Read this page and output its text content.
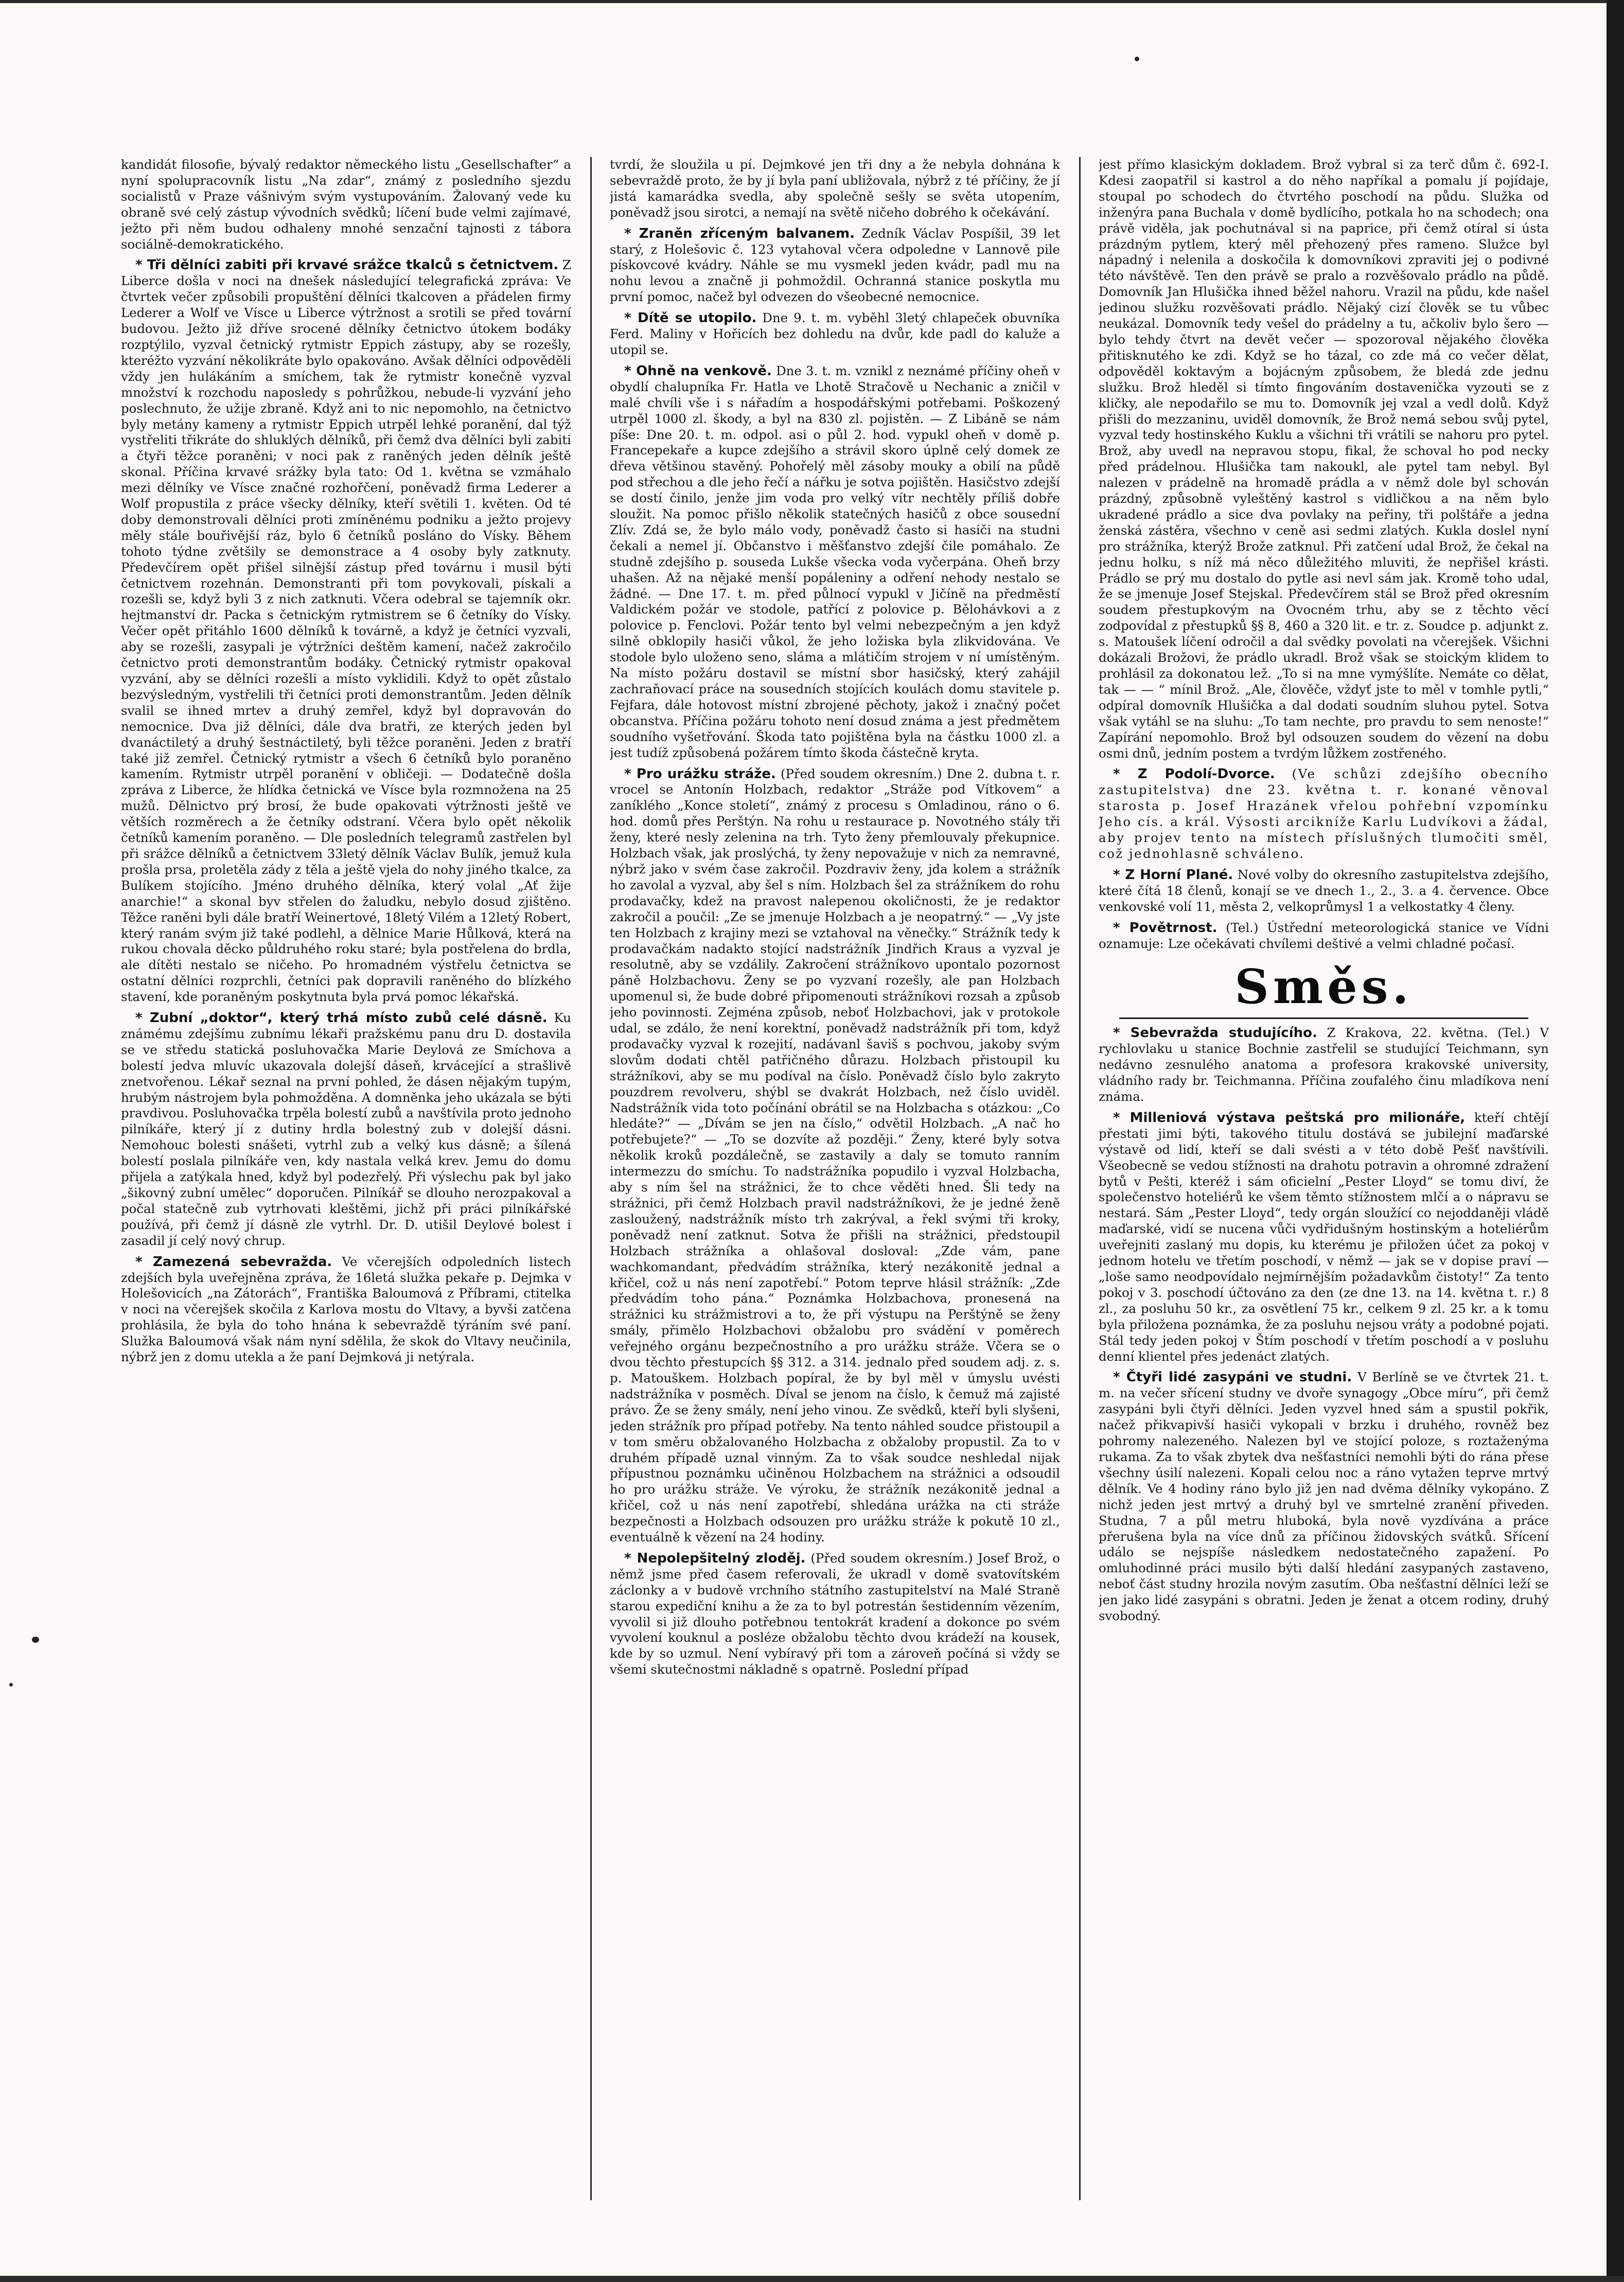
kandidát filosofie, bývalý redaktor německého listu „Gesellschafter“ a nyní spolupracovník listu „Na zdar“, známý z posledního sjezdu socialistů v Praze vášnivým svým vystupováním. Žalovaný vede ku obraně své celý zástup vývodních svědků; líčení bude velmi zajímavé, ježto při něm budou odhaleny mnohé senzační tajnosti z tábora sociálně-demokratického.

* Tři dělníci zabiti při krvavé srážce tkalců s četnictvem. Z Liberce došla v noci na dnešek následující telegrafická zpráva: Ve čtvrtek večer způsobili propuštění dělníci tkalcoven a přádelen firmy Lederer a Wolf ve Vísce u Liberce výtržnost a srotili se před tovární budovou. Ježto již dříve srocené dělníky četnictvo útokem bodáky rozptýlilo, vyzval četnický rytmistr Eppich zástupy, aby se rozešly, kteréžto vyzvání několikráte bylo opakováno. Avšak dělníci odpověděli vždy jen hulákáním a smíchem, tak že rytmistr konečně vyzval množství k rozchodu naposledy s pohrůžkou, nebude-li vyzvání jeho poslechnuto, že užije zbraně. Když ani to nic nepomohlo, na četnictvo byly metány kameny a rytmistr Eppich utrpěl lehké poranění, dal týž vystřeliti třikráte do shluklých dělníků, při čemž dva dělníci byli zabiti a čtyři těžce poraněni; v noci pak z raněných jeden dělník ještě skonal. Příčina krvavé srážky byla tato: Od 1. května se vzmáhalo mezi dělníky ve Vísce značné rozhořčení, poněvadž firma Lederer a Wolf propustila z práce všecky dělníky, kteří světili 1. květen. Od té doby demonstrovali dělníci proti zmíněnému podniku a ježto projevy měly stále bouřivější ráz, bylo 6 četníků posláno do Vísky. Během tohoto týdne zvětšily se demonstrace a 4 osoby byly zatknuty. Předevčírem opět přišel silnější zástup před továrnu i musil býti četnictvem rozehnán. Demonstranti při tom povykovali, pískali a rozešli se, když byli 3 z nich zatknuti. Včera odebral se tajemník okr. hejtmanství dr. Packa s četnickým rytmistrem se 6 četníky do Vísky. Večer opět přitáhlo 1600 dělníků k továrně, a když je četníci vyzvali, aby se rozešli, zasypali je výtržníci deštěm kamení, načež zakročilo četnictvo proti demonstrantům bodáky. Četnický rytmistr opakoval vyzvání, aby se dělníci rozešli a místo vyklidili. Když to opět zůstalo bezvýsledným, vystřelili tři četníci proti demonstrantům. Jeden dělník svalil se ihned mrtev a druhý zemřel, když byl dopravován do nemocnice. Dva již dělníci, dále dva bratři, ze kterých jeden byl dvanáctiletý a druhý šestnáctiletý, byli těžce poraněni. Jeden z bratří také již zemřel. Četnický rytmistr a všech 6 četníků bylo poraněno kamením. Rytmistr utrpěl poranění v obličeji. — Dodatečně došla zpráva z Liberce, že hlídka četnická ve Vísce byla rozmnožena na 25 mužů. Dělnictvo prý brosí, že bude opakovati výtržnosti ještě ve větších rozměrech a že četníky odstraní. Včera bylo opět několik četníků kamením poraněno. — Dle posledních telegramů zastřelen byl při srážce dělníků a četnictvem 33letý dělník Václav Bulík, jemuž kula prošla prsa, proletěla zády z těla a ještě vjela do nohy jiného tkalce, za Bulíkem stojícího. Jméno druhého dělníka, který volal „Ať žije anarchie!“ a skonal byv střelen do žaludku, nebylo dosud zjištěno. Těžce raněni byli dále bratří Weinertové, 18letý Vilém a 12letý Robert, který ranám svým již také podlehl, a dělnice Marie Hůlková, která na rukou chovala děcko půldruhého roku staré; byla postřelena do brdla, ale dítěti nestalo se ničeho. Po hromadném výstřelu četnictva se ostatní dělníci rozprchli, četníci pak dopravili raněného do blízkého stavení, kde poraněným poskytnuta byla prvá pomoc lékařská.

* Zubní „doktor“, který trhá místo zubů celé dásně. Ku známému zdejšímu zubnímu lékaři pražskému panu dru D. dostavila se ve středu statická posluhovačka Marie Deylová ze Smíchova a bolestí jedva mluvíc ukazovala dolejší dáseň, krvácející a strašlivě znetvořenou. Lékař seznal na první pohled, že dásen nějakým tupým, hrubým nástrojem byla pohmožděna. A domněnka jeho ukázala se býti pravdivou. Posluhovačka trpěla bolestí zubů a navštívila proto jednoho pilníkáře, který jí z dutiny hrdla bolestný zub v dolejší dásni. Nemohouc bolesti snášeti, vytrhl zub a velký kus dásně; a šílená bolestí poslala pilníkáře ven, kdy nastala velká krev. Jemu do domu přijela a zatýkala hned, když byl podezřelý. Při výslechu pak byl jako „šikovný zubní umělec“ doporučen. Pilníkář se dlouho nerozpakoval a počal statečně zub vytrhovati kleštěmi, jichž při práci pilníkářské používá, při čemž jí dásně zle vytrhl. Dr. D. utišil Deylové bolest i zasadil jí celý nový chrup.

* Zamezená sebevražda. Ve včerejších odpoledních listech zdejších byla uveřejněna zpráva, že 16letá služka pekaře p. Dejmka v Holešovicích „na Zátorách“, Františka Baloumová z Příbrami, ctitelka v noci na včerejšek skočila z Karlova mostu do Vltavy, a byvši zatčena prohlásila, že byla do toho hnána k sebevraždě týráním své paní. Služka Baloumová však nám nyní sdělila, že skok do Vltavy neučinila, nýbrž jen z domu utekla a že paní Dejmková ji netýrala.

tvrdí, že sloužila u pí. Dejmkové jen tři dny a že nebyla dohnána k sebevraždě proto, že by jí byla paní ubližovala, nýbrž z té příčiny, že jí jistá kamarádka svedla, aby společně sešly se světa utopením, poněvadž jsou sirotci, a nemají na světě ničeho dobrého k očekávání.

* Zraněn zříceným balvanem. Zedník Václav Pospíšil, 39 let starý, z Holešovic č. 123 vytahoval včera odpoledne v Lannově pile pískovcové kvádry. Náhle se mu vysmekl jeden kvádr, padl mu na nohu levou a značně ji pohmoždil. Ochranná stanice poskytla mu první pomoc, načež byl odvezen do všeobecné nemocnice.

* Dítě se utopilo. Dne 9. t. m. vyběhl 3letý chlapeček obuvníka Ferd. Maliny v Hořicích bez dohledu na dvůr, kde padl do kaluže a utopil se.

* Ohně na venkově. Dne 3. t. m. vznikl z neznámé příčiny oheň v obydlí chalupníka Fr. Hatla ve Lhotě Stračově u Nechanic a zničil v malé chvíli vše i s nářadím a hospodářskými potřebami. Poškozený utrpěl 1000 zl. škody, a byl na 830 zl. pojistěn. — Z Libáně se nám píše: Dne 20. t. m. odpol. asi o půl 2. hod. vypukl oheň v domě p. Francepekaře a kupce zdejšího a strávil skoro úplně celý domek ze dřeva většinou stavěný. Pohořelý měl zásoby mouky a obilí na půdě pod střechou a dle jeho řečí a nářku je sotva pojištěn. Hasičstvo zdejší se dostí činilo, jenže jim voda pro velký vítr nechtěly příliš dobře sloužit. Na pomoc přišlo několik statečných hasičů z obce sousední Zlív. Zdá se, že bylo málo vody, poněvadž často si hasiči na studni čekali a nemel jí. Občanstvo i měšťanstvo zdejší čile pomáhalo. Ze studně zdejšího p. souseda Lukše všecka voda vyčerpána. Oheň brzy uhašen. Až na nějaké menší popáleniny a odření nehody nestalo se žádné. — Dne 17. t. m. před půlnocí vypukl v Jičíně na předměstí Valdickém požár ve stodole, patřící z polovice p. Bělohávkovi a z polovice p. Fenclovi. Požár tento byl velmi nebezpečným a jen když silně obklopily hasiči vůkol, že jeho ložiska byla zlikvidována. Ve stodole bylo uloženo seno, sláma a mlátičím strojem v ní umístěným. Na místo požáru dostavil se místní sbor hasičský, který zahájil zachraňovací práce na sousedních stojících koulách domu stavitele p. Fejfara, dále hotovost místní zbrojené pěchoty, jakož i značný počet obcanstva. Příčina požáru tohoto není dosud známa a jest předmětem soudního vyšetřování. Škoda tato pojištěna byla na částku 1000 zl. a jest tudíž způsobená požárem tímto škoda částečně kryta.

* Pro urážku stráže. (Před soudem okresním.) Dne 2. dubna t. r. vrocel se Antonín Holzbach, redaktor „Stráže pod Vítkovem“ a zaníklého „Konce století“, známý z procesu s Omladinou, ráno o 6. hod. domů přes Perštýn. Na rohu u restaurace p. Novotného stály tři ženy, které nesly zelenina na trh. Tyto ženy přemlouvaly překupnice. Holzbach však, jak proslýchá, ty ženy nepovažuje v nich za nemravné, nýbrž jako v svém čase zakročil. Pozdraviv ženy, jda kolem a strážník ho zavolal a vyzval, aby šel s ním. Holzbach šel za strážníkem do rohu prodavačky, kdež na pravost nalepenou okoličnosti, že je redaktor zakročil a poučil: „Ze se jmenuje Holzbach a je neopatrný.“ — „Vy jste ten Holzbach z krajiny mezi se vztahoval na věnečky.“ Strážník tedy k prodavačkám nadakto stojící nadstrážník Jindřich Kraus a vyzval je resolutně, aby se vzdálily. Zakročení strážníkovo upontalo pozornost páně Holzbachovu. Ženy se po vyzvaní rozešly, ale pan Holzbach upomenul si, že bude dobré připomenouti strážníkovi rozsah a způsob jeho povinnosti. Zejména způsob, neboť Holzbachovi, jak v protokole udal, se zdálo, že není korektní, poněvadž nadstrážník při tom, když prodavačky vyzval k rozejití, nadávanl šaviš s pochvou, jakoby svým slovům dodati chtěl patřičného důrazu. Holzbach přistoupil ku strážníkovi, aby se mu podíval na číslo. Poněvadž číslo bylo zakryto pouzdrem revolveru, shýbl se dvakrát Holzbach, než číslo uviděl. Nadstrážník vida toto počínání obrátil se na Holzbacha s otázkou: „Co hledáte?“ — „Dívám se jen na číslo,“ odvětil Holzbach. „A nač ho potřebujete?“ — „To se dozvíte až později.“ Ženy, které byly sotva několik kroků pozdálečně, se zastavily a daly se tomuto ranním intermezzu do smíchu. To nadstrážníka popudilo i vyzval Holzbacha, aby s ním šel na strážnici, že to chce věděti hned. Šli tedy na strážnici, při čemž Holzbach pravil nadstrážníkovi, že je jedné ženě zasloužený, nadstrážník místo trh zakrýval, a řekl svými tři kroky, poněvadž není zatknut. Sotva že přišli na strážnici, předstoupil Holzbach strážníka a ohlašoval dosloval: „Zde vám, pane wachkomandant, předvádím strážníka, který nezákonitě jednal a křičel, což u nás není zapotřebí.“ Potom teprve hlásil strážník: „Zde předvádím toho pána.“ Poznámka Holzbachova, pronesená na strážnici ku strážmistrovi a to, že při výstupu na Perštýně se ženy smály, přimělo Holzbachovi obžalobu pro svádění v poměrech veřejného orgánu bezpečnostního a pro urážku stráže. Včera se o dvou těchto přestupcích §§ 312. a 314. jednalo před soudem adj. z. s. p. Matouškem. Holzbach popíral, že by byl měl v úmyslu uvésti nadstrážníka v posměch. Díval se jenom na číslo, k čemuž má zajisté právo. Že se ženy smály, není jeho vinou. Ze svědků, kteří byli slyšeni, jeden strážník pro případ potřeby. Na tento náhled soudce přistoupil a v tom směru obžalovaného Holzbacha z obžaloby propustil. Za to v druhém případě uznal vinným. Za to však soudce neshledal nijak přípustnou poznámku učiněnou Holzbachem na strážnici a odsoudil ho pro urážku stráže. Ve výroku, že strážník nezákonitě jednal a křičel, což u nás není zapotřebí, shledána urážka na cti stráže bezpečnosti a Holzbach odsouzen pro urážku stráže k pokutě 10 zl., eventuálně k vězení na 24 hodiny.

* Nepolepšitelný zloděj. (Před soudem okresním.) Josef Brož, o němž jsme před časem referovali, že ukradl v domě svatovítském záclonky a v budově vrchního státního zastupitelství na Malé Straně starou expediční knihu a že za to byl potrestán šestidenním vězením, vyvolil si již dlouho potřebnou tentokrát kradení a dokonce po svém vyvolení kouknul a posléze obžalobu těchto dvou krádeží na kousek, kde by so uzmul. Není vybíravý při tom a zároveň počíná si vždy se všemi skutečnostmi nákladně s opatrně. Poslední případ

jest přímo klasickým dokladem. Brož vybral si za terč dům č. 692-I. Kdesi zaopatřil si kastrol a do něho napříkal a pomalu jí pojídaje, stoupal po schodech do čtvrtého poschodí na půdu. Služka od inženýra pana Buchala v domě bydlícího, potkala ho na schodech; ona právě viděla, jak pochutnával si na paprice, při čemž otíral si ústa prázdným pytlem, který měl přehozený přes rameno. Služce byl nápadný i nelenila a doskočila k domovníkovi zpraviti jej o podivné této návštěvě. Ten den právě se pralo a rozvěšovalo prádlo na půdě. Domovník Jan Hlušička ihned běžel nahoru. Vrazil na půdu, kde našel jedinou služku rozvěšovati prádlo. Nějaký cizí člověk se tu vůbec neukázal. Domovník tedy vešel do prádelny a tu, ačkoliv bylo šero — bylo tehdy čtvrt na devět večer — spozoroval nějakého člověka přitisknutého ke zdi. Když se ho tázal, co zde má co večer dělat, odpověděl koktavým a bojácným způsobem, že bledá zde jednu služku. Brož hleděl si tímto fingováním dostavenička vyzouti se z kličky, ale nepodařilo se mu to. Domovník jej vzal a vedl dolů. Když přišli do mezzaninu, uviděl domovník, že Brož nemá sebou svůj pytel, vyzval tedy hostinského Kuklu a všichni tři vrátili se nahoru pro pytel. Brož, aby uvedl na nepravou stopu, fikal, že schoval ho pod necky před prádelnou. Hlušička tam nakoukl, ale pytel tam nebyl. Byl nalezen v prádelně na hromadě prádla a v němž dole byl schován prázdný, způsobně vyleštěný kastrol s vidličkou a na něm bylo ukradené prádlo a sice dva povlaky na peřiny, tři polštáře a jedna ženská zástěra, všechno v ceně asi sedmi zlatých. Kukla doslel nyní pro strážníka, kterýž Brože zatknul. Při zatčení udal Brož, že čekal na jednu holku, s níž má něco důležitého mluviti, že nepřišel krásti. Prádlo se prý mu dostalo do pytle asi nevl sám jak. Kromě toho udal, že se jmenuje Josef Stejskal. Předevčírem stál se Brož před okresním soudem přestupkovým na Ovocném trhu, aby se z těchto věcí zodpovídal z přestupků §§ 8, 460 a 320 lit. e tr. z. Soudce p. adjunkt z. s. Matoušek líčení odročil a dal svědky povolati na včerejšek. Všichni dokázali Brožovi, že prádlo ukradl. Brož však se stoickým klidem to prohlásil za dokonatou lež. „To si na mne vymýšlíte. Nemáte co dělat, tak — — “ mínil Brož. „Ale, člověče, vždyť jste to měl v tomhle pytli,“ odpíral domovník Hlušička a dal dodati soudním sluhou pytel. Sotva však vytáhl se na sluhu: „To tam nechte, pro pravdu to sem nenoste!“ Zapírání nepomohlo. Brož byl odsouzen soudem do vězení na dobu osmi dnů, jedním postem a tvrdým lůžkem zostřeného.

* Z Podolí-Dvorce. (Ve schůzi zdejšího obecního zastupitelstva) dne 23. května t. r. konané věnoval starosta p. Josef Hrazánek vřelou pohřební vzpomínku Jeho cís. a král. Výsosti arcikníže Karlu Ludvíkovi a žádal, aby projev tento na místech příslušných tlumočiti směl, což jednohlasně schváleno.

* Z Horní Plané. Nové volby do okresního zastupitelstva zdejšího, které čítá 18 členů, konají se ve dnech 1., 2., 3. a 4. července. Obce venkovské volí 11, města 2, velkoprůmysl 1 a velkostatky 4 členy.

* Povětrnost. (Tel.) Ústřední meteorologická stanice ve Vídni oznamuje: Lze očekávati chvílemi deštivé a velmi chladné počasí.

Směs.

* Sebevražda studujícího. Z Krakova, 22. května. (Tel.) V rychlovlaku u stanice Bochnie zastřelil se studující Teichmann, syn nedávno zesnulého anatoma a profesora krakovské university, vládního rady br. Teichmanna. Příčina zoufalého činu mladíkova není známa.

* Milleniová výstava peštská pro milionáře, kteří chtějí přestati jimi býti, takového titulu dostává se jubilejní maďarské výstavě od lidí, kteří se dali svésti a v této době Pešť navštívili. Všeobecně se vedou stížnosti na drahotu potravin a ohromné zdražení bytů v Pešti, kteréž i sám oficielní „Pester Lloyd“ se tomu diví, že společenstvo hoteliérů ke všem těmto stížnostem mlčí a o nápravu se nestará. Sám „Pester Lloyd“, tedy orgán sloužící co nejoddaněji vládě maďarské, vidí se nucena vůči vydřidušným hostinským a hoteliérům uveřejniti zaslaný mu dopis, ku kterému je přiložen účet za pokoj v jednom hotelu ve třetím poschodí, v němž — jak se v dopise praví — „loše samo neodpovídalo nejmírnějším požadavkům čistoty!“ Za tento pokoj v 3. poschodí účtováno za den (ze dne 13. na 14. května t. r.) 8 zl., za posluhu 50 kr., za osvětlení 75 kr., celkem 9 zl. 25 kr. a k tomu byla přiložena poznámka, že za posluhu nejsou vráty a podobné pojati. Stál tedy jeden pokoj v Štím poschodí v třetím poschodí a v posluhu denní klientel přes jedenáct zlatých.

* Čtyři lidé zasypáni ve studni. V Berlíně se ve čtvrtek 21. t. m. na večer sřícení studny ve dvoře synagogy „Obce míru“, při čemž zasypáni byli čtyři dělníci. Jeden vyzvel hned sám a spustil pokřik, načež přikvapivší hasiči vykopali v brzku i druhého, rovněž bez pohromy nalezeného. Nalezen byl ve stojící poloze, s roztaženýma rukama. Za to však zbytek dva nešťastníci nemohli býti do rána přese všechny úsilí nalezeni. Kopali celou noc a ráno vytažen teprve mrtvý dělník. Ve 4 hodiny ráno bylo již jen nad dvěma dělníky vykopáno. Z nichž jeden jest mrtvý a druhý byl ve smrtelné zranění přiveden. Studna, 7 a půl metru hluboká, byla nově vyzdívána a práce přerušena byla na více dnů za příčinou židovských svátků. Sřícení událo se nejspíše následkem nedostatečného zapažení. Po omluhodinné práci musilo býti další hledání zasypaných zastaveno, neboť část studny hrozila novým zasutím. Oba nešťastní dělníci leží se jen jako lidé zasypáni s obratni. Jeden je ženat a otcem rodiny, druhý svobodný.
